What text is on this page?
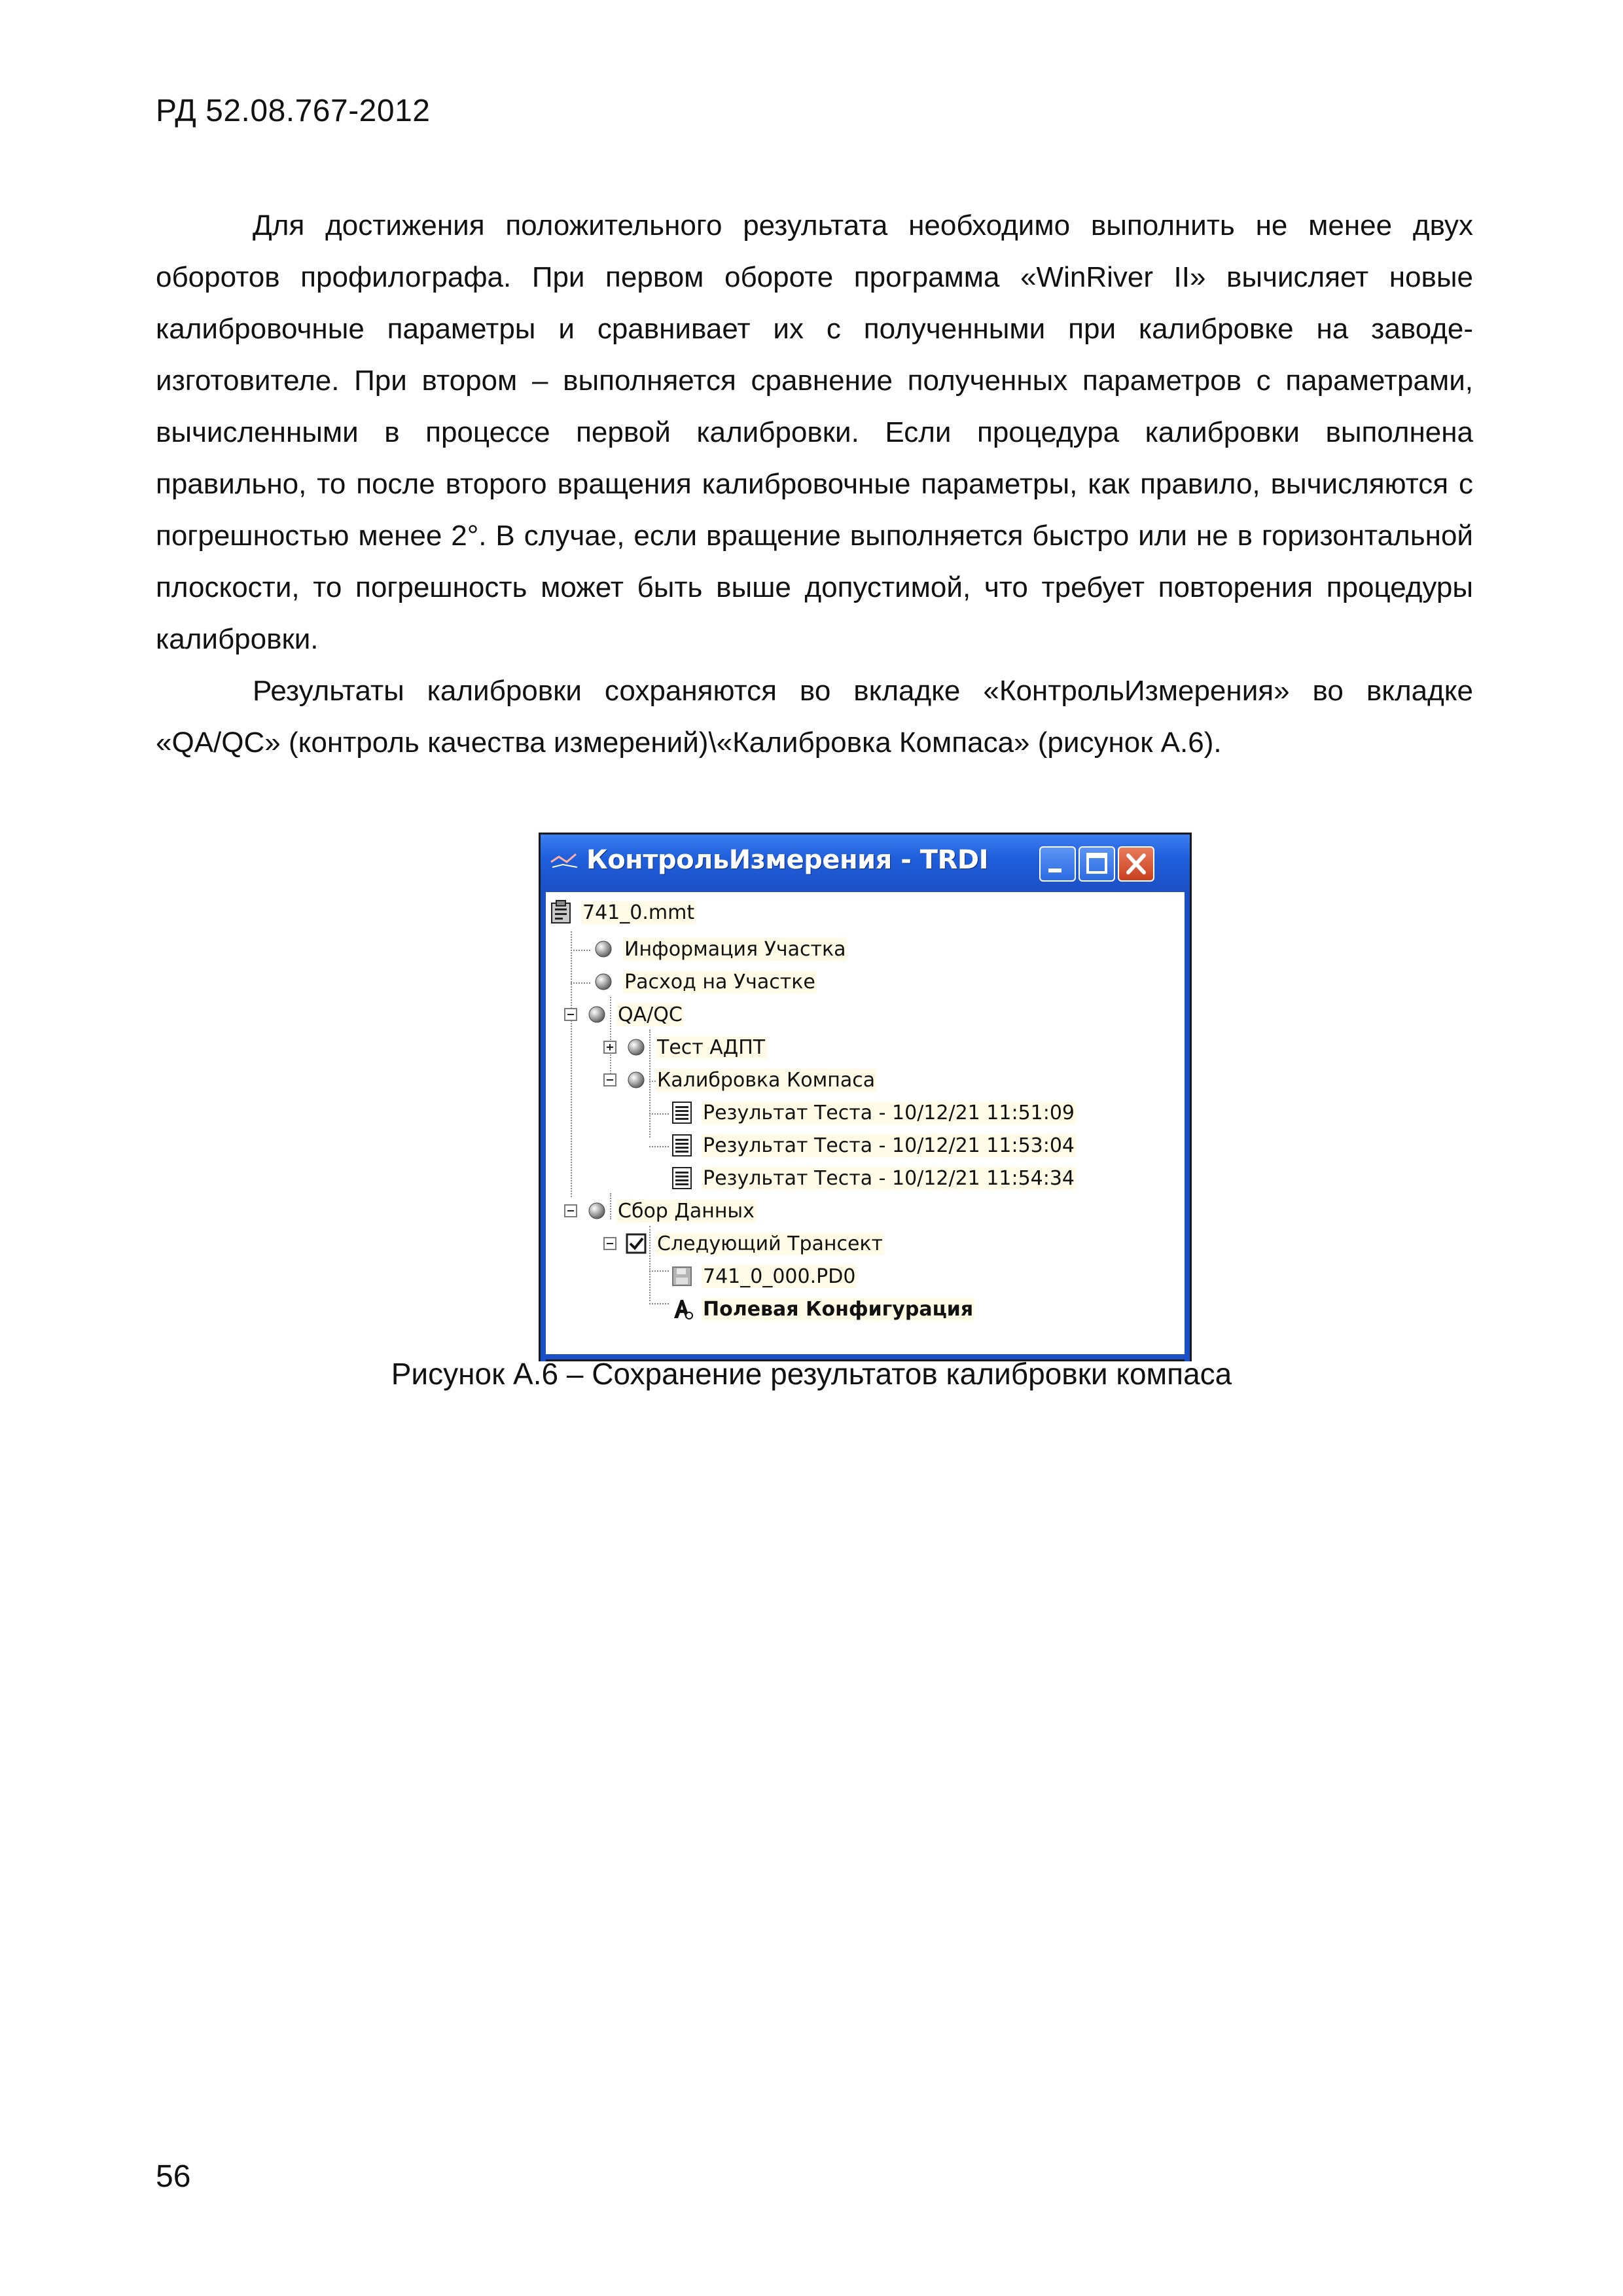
РД 52.08.767-2012

Для достижения положительного результата необходимо выполнить не менее двух оборотов профилографа. При первом обороте программа «WinRiver II» вычисляет новые калибровочные параметры и сравнивает их с полученными при калибровке на заводе-изготовителе. При втором – выполняется сравнение полученных параметров с параметрами, вычисленными в процессе первой калибровки. Если процедура калибровки выполнена правильно, то после второго вращения калибровочные параметры, как правило, вычисляются с погрешностью менее 2°. В случае, если вращение выполняется быстро или не в горизонтальной плоскости, то погрешность может быть выше допустимой, что требует повторения процедуры калибровки.

Результаты калибровки сохраняются во вкладке «КонтрольИзмерения» во вкладке «QA/QC» (контроль качества измерений)\«Калибровка Компаса» (рисунок А.6).

КонтрольИзмерения - TRDI
741_0.mmt
Информация Участка
Расход на Участке
QA/QC
Тест АДПТ
Калибровка Компаса
Результат Теста - 10/12/21 11:51:09
Результат Теста - 10/12/21 11:53:04
Результат Теста - 10/12/21 11:54:34
Сбор Данных
Следующий Трансект
741_0_000.PD0
Полевая Конфигурация
Рисунок А.6 – Сохранение результатов калибровки компаса
56
